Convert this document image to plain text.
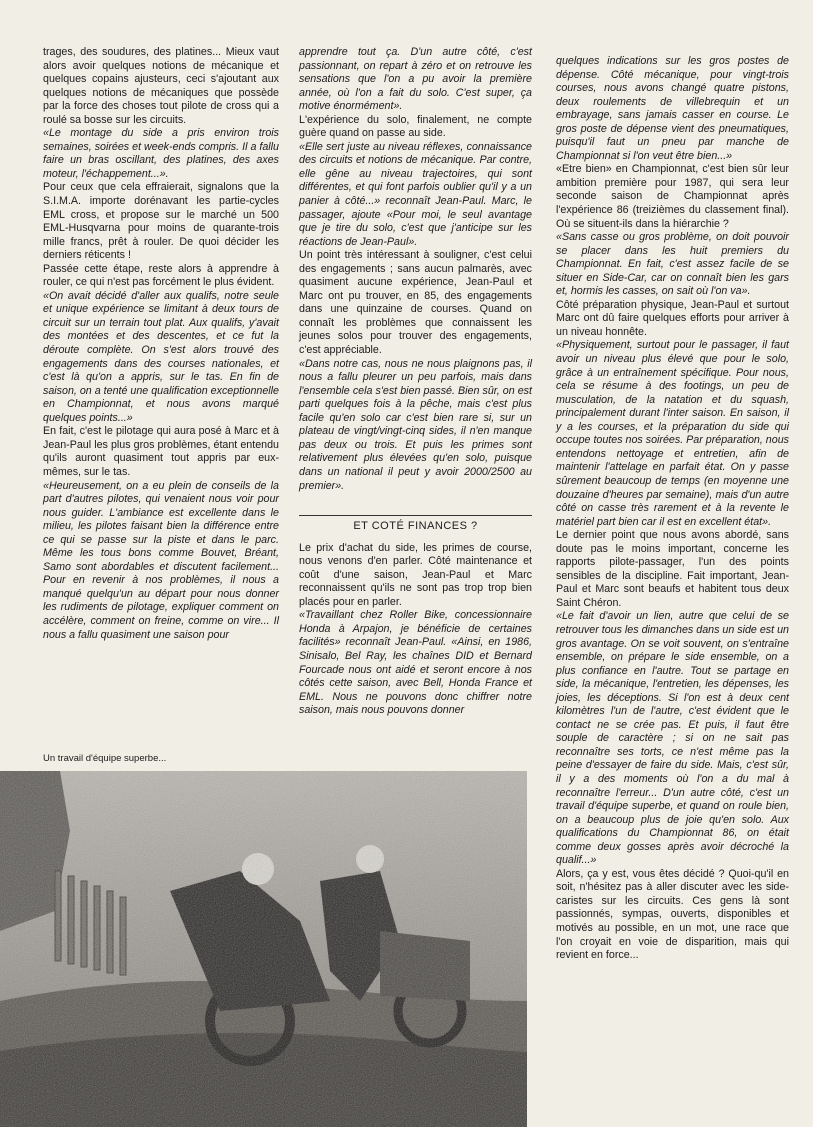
trages, des soudures, des platines... Mieux vaut alors avoir quelques notions de mécanique et quelques copains ajusteurs, ceci s'ajoutant aux quelques notions de mécaniques que possède par la force des choses tout pilote de cross qui a roulé sa bosse sur les circuits.

«Le montage du side a pris environ trois semaines, soirées et week-ends compris. Il a fallu faire un bras oscillant, des platines, des axes moteur, l'échappement...».

Pour ceux que cela effraierait, signalons que la S.I.M.A. importe dorénavant les partie-cycles EML cross, et propose sur le marché un 500 EML-Husqvarna pour moins de quarante-trois mille francs, prêt à rouler. De quoi décider les derniers réticents !

Passée cette étape, reste alors à apprendre à rouler, ce qui n'est pas forcément le plus évident.

«On avait décidé d'aller aux qualifs, notre seule et unique expérience se limitant à deux tours de circuit sur un terrain tout plat. Aux qualifs, y'avait des montées et des descentes, et ce fut la déroute complète. On s'est alors trouvé des engagements dans des courses nationales, et c'est là qu'on a appris, sur le tas. En fin de saison, on a tenté une qualification exceptionnelle en Championnat, et nous avons marqué quelques points...»

En fait, c'est le pilotage qui aura posé à Marc et à Jean-Paul les plus gros problèmes, étant entendu qu'ils auront quasiment tout appris par eux-mêmes, sur le tas.

«Heureusement, on a eu plein de conseils de la part d'autres pilotes, qui venaient nous voir pour nous guider. L'ambiance est excellente dans le milieu, les pilotes faisant bien la différence entre ce qui se passe sur la piste et dans le parc. Même les tous bons comme Bouvet, Bréant, Samo sont abordables et discutent facilement... Pour en revenir à nos problèmes, il nous a manqué quelqu'un au départ pour nous donner les rudiments de pilotage, expliquer comment on accélère, comment on freine, comme on vire... Il nous a fallu quasiment une saison pour

apprendre tout ça. D'un autre côté, c'est passionnant, on repart à zéro et on retrouve les sensations que l'on a pu avoir la première année, où l'on a fait du solo. C'est super, ça motive énormément».

L'expérience du solo, finalement, ne compte guère quand on passe au side.

«Elle sert juste au niveau réflexes, connaissance des circuits et notions de mécanique. Par contre, elle gêne au niveau trajectoires, qui sont différentes, et qui font parfois oublier qu'il y a un panier à côté...» reconnaît Jean-Paul. Marc, le passager, ajoute «Pour moi, le seul avantage que je tire du solo, c'est que j'anticipe sur les réactions de Jean-Paul».

Un point très intéressant à souligner, c'est celui des engagements ; sans aucun palmarès, avec quasiment aucune expérience, Jean-Paul et Marc ont pu trouver, en 85, des engagements dans une quinzaine de courses. Quand on connaît les problèmes que connaissent les jeunes solos pour trouver des engagements, c'est appréciable.

«Dans notre cas, nous ne nous plaignons pas, il nous a fallu pleurer un peu parfois, mais dans l'ensemble cela s'est bien passé. Bien sûr, on est parti quelques fois à la pêche, mais c'est plus facile qu'en solo car c'est bien rare si, sur un plateau de vingt/vingt-cinq sides, il n'en manque pas deux ou trois. Et puis les primes sont relativement plus élevées qu'en solo, puisque dans un national il peut y avoir 2000/2500 au premier».

ET COTÉ FINANCES ?

Le prix d'achat du side, les primes de course, nous venons d'en parler. Côté maintenance et coût d'une saison, Jean-Paul et Marc reconnaissent qu'ils ne sont pas trop trop bien placés pour en parler.

«Travaillant chez Roller Bike, concessionnaire Honda à Arpajon, je bénéficie de certaines facilités» reconnaît Jean-Paul. «Ainsi, en 1986, Sinisalo, Bel Ray, les chaînes DID et Bernard Fourcade nous ont aidé et seront encore à nos côtés cette saison, avec Bell, Honda France et EML. Nous ne pouvons donc chiffrer notre saison, mais nous pouvons donner

quelques indications sur les gros postes de dépense. Côté mécanique, pour vingt-trois courses, nous avons changé quatre pistons, deux roulements de villebrequin et un embrayage, sans jamais casser en course. Le gros poste de dépense vient des pneumatiques, puisqu'il faut un pneu par manche de Championnat si l'on veut être bien...»

«Etre bien» en Championnat, c'est bien sûr leur ambition première pour 1987, qui sera leur seconde saison de Championnat après l'expérience 86 (treizièmes du classement final). Où se situent-ils dans la hiérarchie ?

«Sans casse ou gros problème, on doit pouvoir se placer dans les huit premiers du Championnat. En fait, c'est assez facile de se situer en Side-Car, car on connaît bien les gars et, hormis les casses, on sait où l'on va».

Côté préparation physique, Jean-Paul et surtout Marc ont dû faire quelques efforts pour arriver à un niveau honnête.

«Physiquement, surtout pour le passager, il faut avoir un niveau plus élevé que pour le solo, grâce à un entraînement spécifique. Pour nous, cela se résume à des footings, un peu de musculation, de la natation et du squash, principalement durant l'inter saison. En saison, il y a les courses, et la préparation du side qui occupe toutes nos soirées. Par préparation, nous entendons nettoyage et entretien, afin de maintenir l'attelage en parfait état. On y passe sûrement beaucoup de temps (en moyenne une douzaine d'heures par semaine), mais d'un autre côté on casse très rarement et à la revente le matériel part bien car il est en excellent état».

Le dernier point que nous avons abordé, sans doute pas le moins important, concerne les rapports pilote-passager, l'un des points sensibles de la discipline. Fait important, Jean-Paul et Marc sont beaufs et habitent tous deux Saint Chéron.

«Le fait d'avoir un lien, autre que celui de se retrouver tous les dimanches dans un side est un gros avantage. On se voit souvent, on s'entraîne ensemble, on prépare le side ensemble, on a plus confiance en l'autre. Tout se partage en side, la mécanique, l'entretien, les dépenses, les joies, les déceptions. Si l'on est à deux cent kilomètres l'un de l'autre, c'est évident que le contact ne se crée pas. Et puis, il faut être souple de caractère ; si on ne sait pas reconnaître ses torts, ce n'est même pas la peine d'essayer de faire du side. Mais, c'est sûr, il y a des moments où l'on a du mal à reconnaître l'erreur... D'un autre côté, c'est un travail d'équipe superbe, et quand on roule bien, on a beaucoup plus de joie qu'en solo. Aux qualifications du Championnat 86, on était comme deux gosses après avoir décroché la qualif...»

Alors, ça y est, vous êtes décidé ? Quoi-qu'il en soit, n'hésitez pas à aller discuter avec les side-caristes sur les circuits. Ces gens là sont passionnés, sympas, ouverts, disponibles et motivés au possible, en un mot, une race que l'on croyait en voie de disparition, mais qui revient en force...

Un travail d'équipe superbe...
